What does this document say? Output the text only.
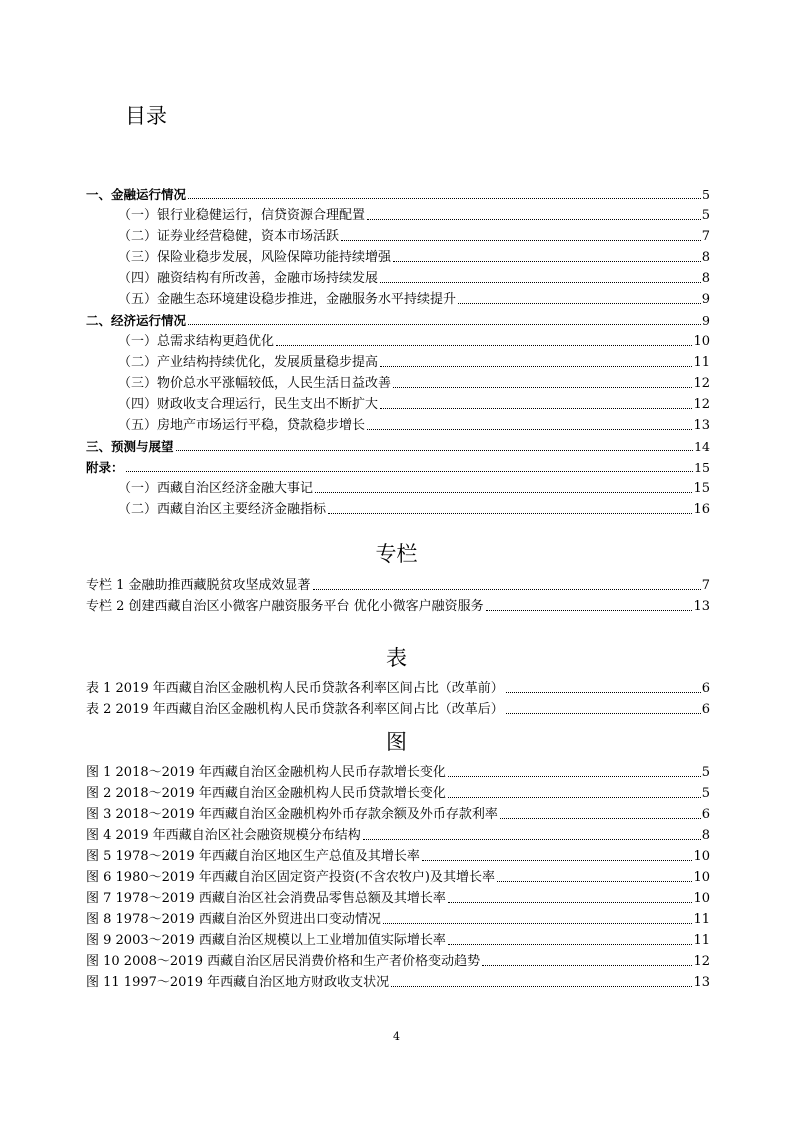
目录
一、金融运行情况	5
（一）银行业稳健运行，信贷资源合理配置	5
（二）证券业经营稳健，资本市场活跃	7
（三）保险业稳步发展，风险保障功能持续增强	8
（四）融资结构有所改善，金融市场持续发展	8
（五）金融生态环境建设稳步推进，金融服务水平持续提升	9
二、经济运行情况	9
（一）总需求结构更趋优化	10
（二）产业结构持续优化，发展质量稳步提高	11
（三）物价总水平涨幅较低，人民生活日益改善	12
（四）财政收支合理运行，民生支出不断扩大	12
（五）房地产市场运行平稳，贷款稳步增长	13
三、预测与展望	14
附录：	15
（一）西藏自治区经济金融大事记	15
（二）西藏自治区主要经济金融指标	16
专栏
专栏 1 金融助推西藏脱贫攻坚成效显著	7
专栏 2 创建西藏自治区小微客户融资服务平台 优化小微客户融资服务	13
表
表 1 2019 年西藏自治区金融机构人民币贷款各利率区间占比（改革前）	6
表 2 2019 年西藏自治区金融机构人民币贷款各利率区间占比（改革后）	6
图
图 1 2018～2019 年西藏自治区金融机构人民币存款增长变化	5
图 2 2018～2019 年西藏自治区金融机构人民币贷款增长变化	5
图 3 2018～2019 年西藏自治区金融机构外币存款余额及外币存款利率	6
图 4 2019 年西藏自治区社会融资规模分布结构	8
图 5 1978～2019 年西藏自治区地区生产总值及其增长率	10
图 6 1980～2019 年西藏自治区固定资产投资(不含农牧户)及其增长率	10
图 7 1978～2019 西藏自治区社会消费品零售总额及其增长率	10
图 8 1978～2019 西藏自治区外贸进出口变动情况	11
图 9 2003～2019 西藏自治区规模以上工业增加值实际增长率	11
图 10 2008～2019 西藏自治区居民消费价格和生产者价格变动趋势	12
图 11 1997～2019 年西藏自治区地方财政收支状况	13
4
